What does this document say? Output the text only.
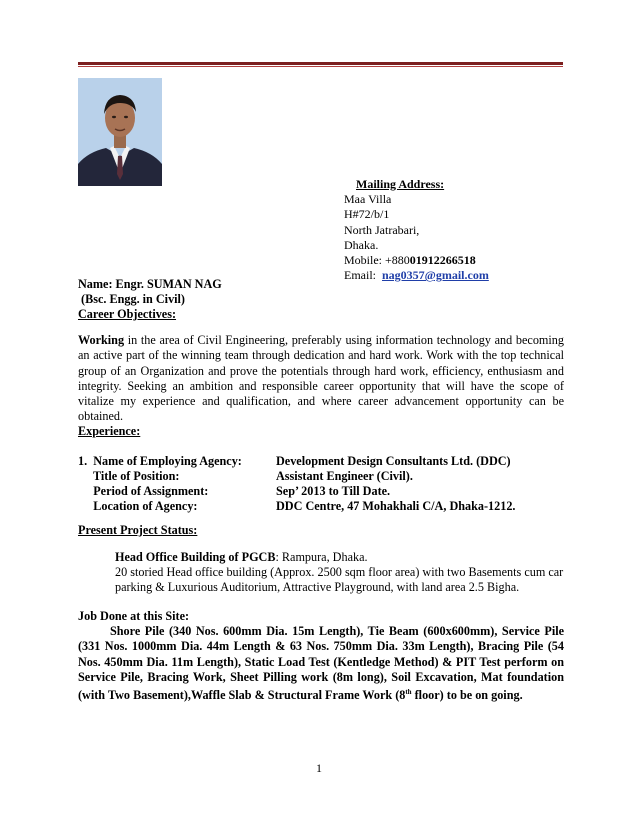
Mailing Address:
Maa Villa
H#72/b/1
North Jatrabari,
Dhaka.
Mobile: +88001912266518
Email: nag0357@gmail.com
Name: Engr. SUMAN NAG
(Bsc. Engg. in Civil)
Career Objectives:
Working in the area of Civil Engineering, preferably using information technology and becoming an active part of the winning team through dedication and hard work. Work with the top technical group of an Organization and prove the potentials through hard work, efficiency, enthusiasm and integrity. Seeking an ambition and responsible career opportunity that will have the scope of vitalize my experience and qualification, and where career advancement opportunity can be obtained.
Experience:
1.  Name of Employing Agency:	Development Design Consultants Ltd. (DDC)
Title of Position:	Assistant Engineer (Civil).
Period of Assignment:	Sep’ 2013 to Till Date.
Location of Agency:	DDC Centre, 47 Mohakhali C/A, Dhaka-1212.
Present Project Status:
Head Office Building of PGCB: Rampura, Dhaka.
20 storied Head office building (Approx. 2500 sqm floor area) with two Basements cum car parking & Luxurious Auditorium, Attractive Playground, with land area 2.5 Bigha.
Job Done at this Site:
Shore Pile (340 Nos. 600mm Dia. 15m Length), Tie Beam (600x600mm), Service Pile (331 Nos. 1000mm Dia. 44m Length & 63 Nos. 750mm Dia. 33m Length), Bracing Pile (54 Nos. 450mm Dia. 11m Length), Static Load Test (Kentledge Method) & PIT Test perform on Service Pile, Bracing Work, Sheet Pilling work (8m long), Soil Excavation, Mat foundation (with Two Basement),Waffle Slab & Structural Frame Work (8th floor) to be on going.
1
